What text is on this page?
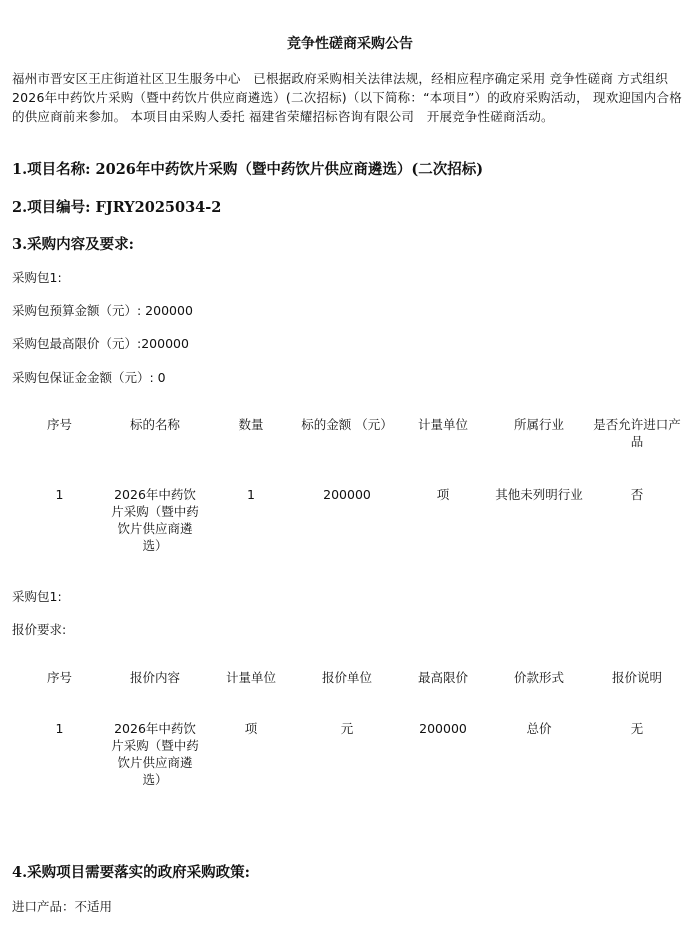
竞争性磋商采购公告
福州市晋安区王庄街道社区卫生服务中心　已根据政府采购相关法律法规，经相应程序确定采用 竞争性磋商 方式组织2026年中药饮片采购（暨中药饮片供应商遴选）(二次招标)（以下简称：“本项目”）的政府采购活动， 现欢迎国内合格的供应商前来参加。 本项目由采购人委托 福建省荣耀招标咨询有限公司　开展竞争性磋商活动。
1.项目名称: 2026年中药饮片采购（暨中药饮片供应商遴选）(二次招标)
2.项目编号: FJRY2025034-2
3.采购内容及要求:
采购包1:
采购包预算金额（元）: 200000
采购包最高限价（元）:200000
采购包保证金金额（元）: 0
序号	标的名称	数量	标的金额 （元）	计量单位	所属行业	是否允许进口产品
1	2026年中药饮片采购（暨中药饮片供应商遴选）	1	200000	项	其他未列明行业	否
采购包1:
报价要求:
序号	报价内容	计量单位	报价单位	最高限价	价款形式	报价说明
1	2026年中药饮片采购（暨中药饮片供应商遴选）	项	元	200000	总价	无
4.采购项目需要落实的政府采购政策:
进口产品：不适用
